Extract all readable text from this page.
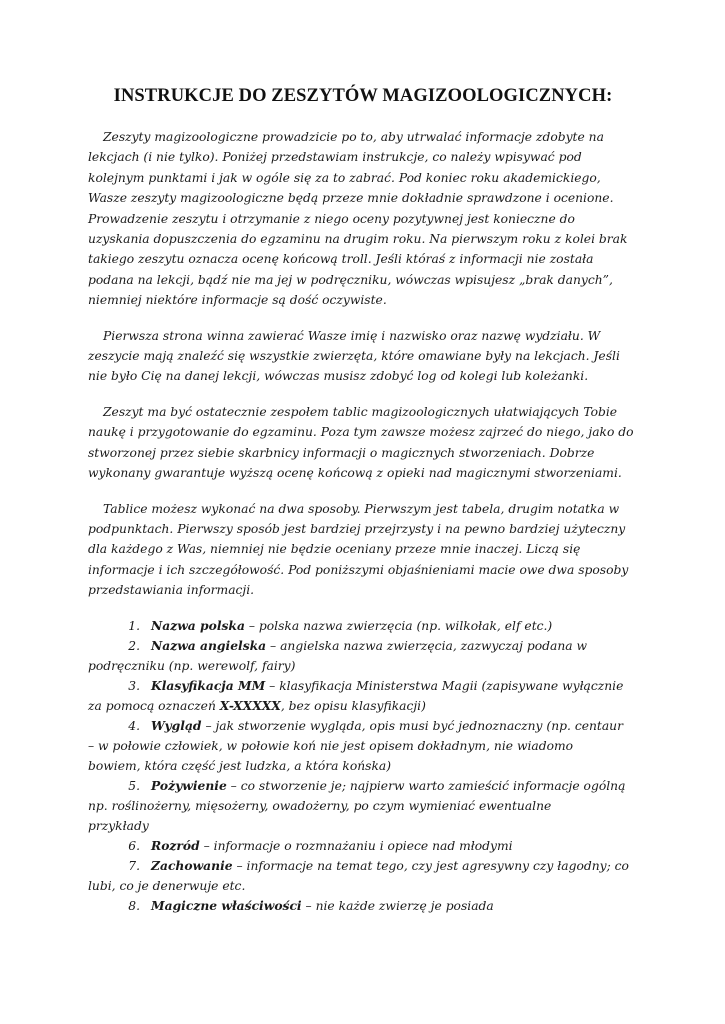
INSTRUKCJE DO ZESZYTÓW MAGIZOOLOGICZNYCH:

Zeszyty magizoologiczne prowadzicie po to, aby utrwalać informacje zdobyte na lekcjach (i nie tylko). Poniżej przedstawiam instrukcje, co należy wpisywać pod kolejnym punktami i jak w ogóle się za to zabrać. Pod koniec roku akademickiego, Wasze zeszyty magizoologiczne będą przeze mnie dokładnie sprawdzone i ocenione. Prowadzenie zeszytu i otrzymanie z niego oceny pozytywnej jest konieczne do uzyskania dopuszczenia do egzaminu na drugim roku. Na pierwszym roku z kolei brak takiego zeszytu oznacza ocenę końcową troll. Jeśli któraś z informacji nie została podana na lekcji, bądź nie ma jej w podręczniku, wówczas wpisujesz „brak danych”, niemniej niektóre informacje są dość oczywiste.

Pierwsza strona winna zawierać Wasze imię i nazwisko oraz nazwę wydziału. W zeszycie mają znaleźć się wszystkie zwierzęta, które omawiane były na lekcjach. Jeśli nie było Cię na danej lekcji, wówczas musisz zdobyć log od kolegi lub koleżanki.

Zeszyt ma być ostatecznie zespołem tablic magizoologicznych ułatwiających Tobie naukę i przygotowanie do egzaminu. Poza tym zawsze możesz zajrzeć do niego, jako do stworzonej przez siebie skarbnicy informacji o magicznych stworzeniach. Dobrze wykonany gwarantuje wyższą ocenę końcową z opieki nad magicznymi stworzeniami.

Tablice możesz wykonać na dwa sposoby. Pierwszym jest tabela, drugim notatka w podpunktach. Pierwszy sposób jest bardziej przejrzysty i na pewno bardziej użyteczny dla każdego z Was, niemniej nie będzie oceniany przeze mnie inaczej. Liczą się informacje i ich szczegółowość. Pod poniższymi objaśnieniami macie owe dwa sposoby przedstawiania informacji.

1. Nazwa polska – polska nazwa zwierzęcia (np. wilkołak, elf etc.)
2. Nazwa angielska – angielska nazwa zwierzęcia, zazwyczaj podana w
podręczniku (np. werewolf, fairy)
3. Klasyfikacja MM – klasyfikacja Ministerstwa Magii (zapisywane wyłącznie
za pomocą oznaczeń X-XXXXX, bez opisu klasyfikacji)
4. Wygląd – jak stworzenie wygląda, opis musi być jednoznaczny (np. centaur
– w połowie człowiek, w połowie koń nie jest opisem dokładnym, nie wiadomo
bowiem, która część jest ludzka, a która końska)
5. Pożywienie – co stworzenie je; najpierw warto zamieścić informacje ogólną
np. roślinożerny, mięsożerny, owadożerny, po czym wymieniać ewentualne
przykłady
6. Rozród – informacje o rozmnażaniu i opiece nad młodymi
7. Zachowanie – informacje na temat tego, czy jest agresywny czy łagodny; co
lubi, co je denerwuje etc.
8. Magiczne właściwości – nie każde zwierzę je posiada
